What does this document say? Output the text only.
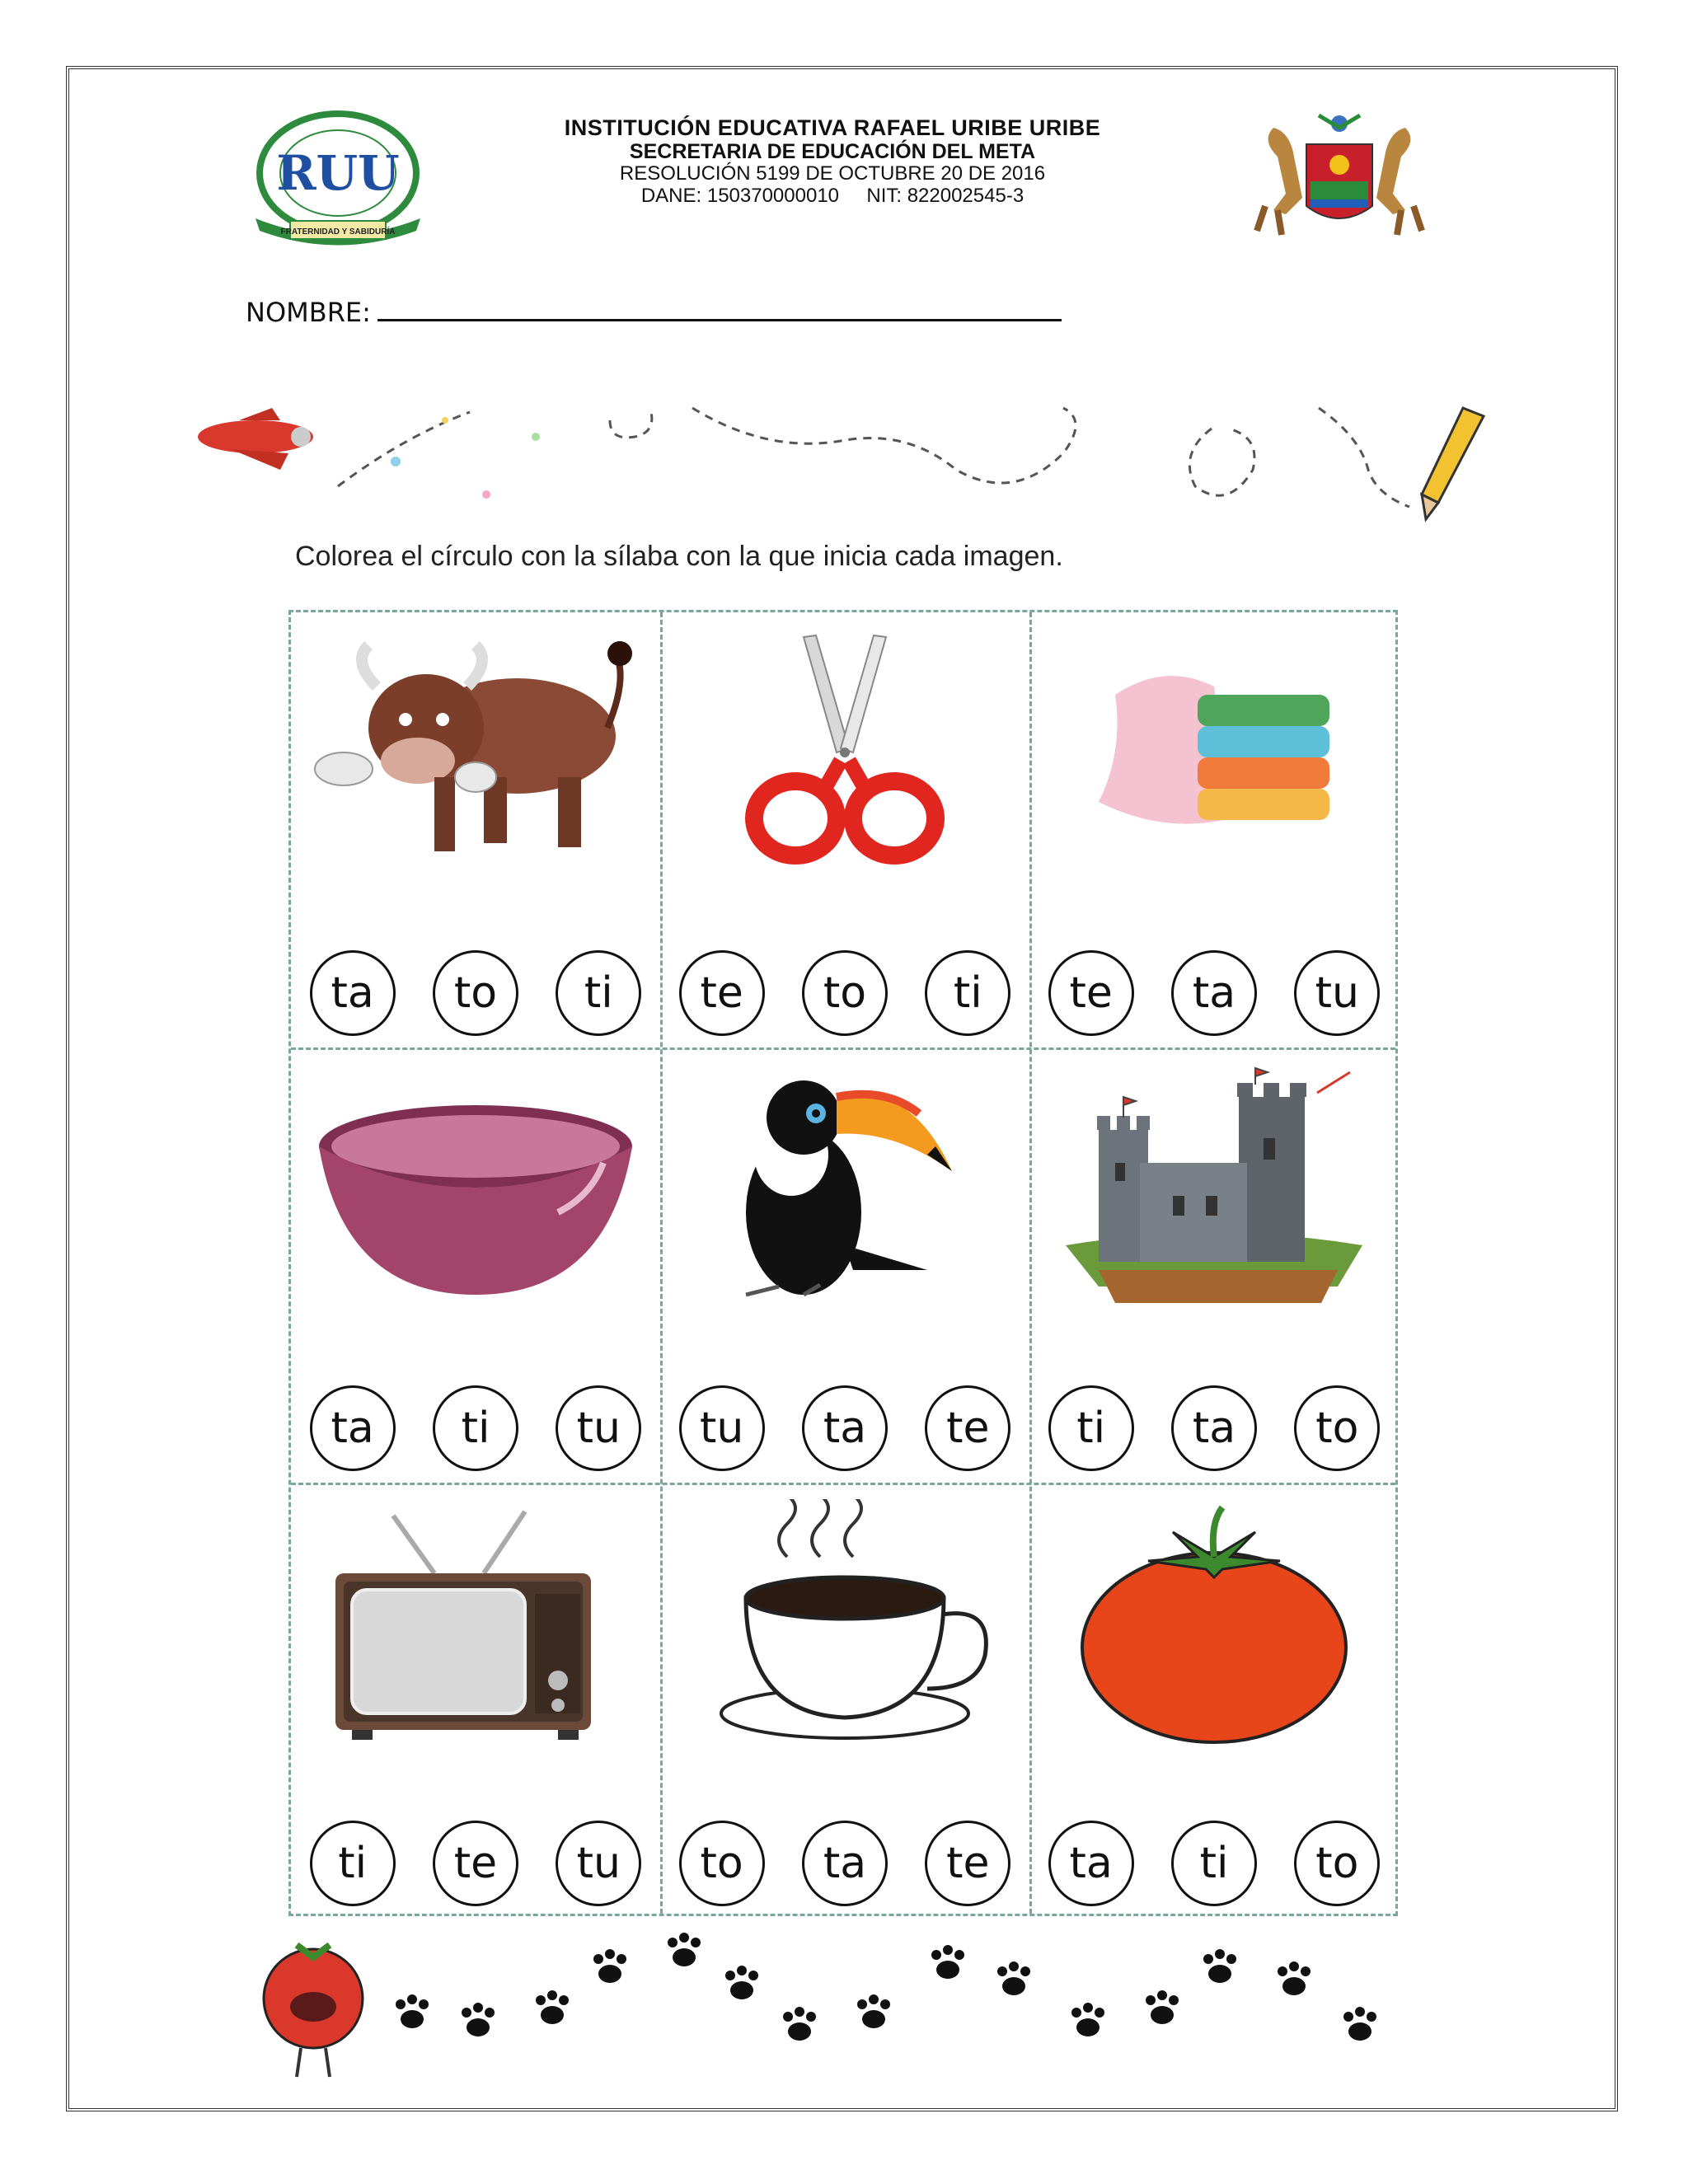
RUU
FRATERNIDAD Y SABIDURÍA
INSTITUCIÓN EDUCATIVA RAFAEL URIBE URIBE
SECRETARIA DE EDUCACIÓN DEL META
RESOLUCIÓN 5199 DE OCTUBRE 20 DE 2016
DANE: 150370000010     NIT: 822002545-3
NOMBRE:
Colorea el círculo con la sílaba con la que inicia cada imagen.
ta	to	ti	te	to	ti	te	ta	tu
ta	ti	tu	tu	ta	te	ti	ta	to
ti	te	tu	to	ta	te	ta	ti	to
